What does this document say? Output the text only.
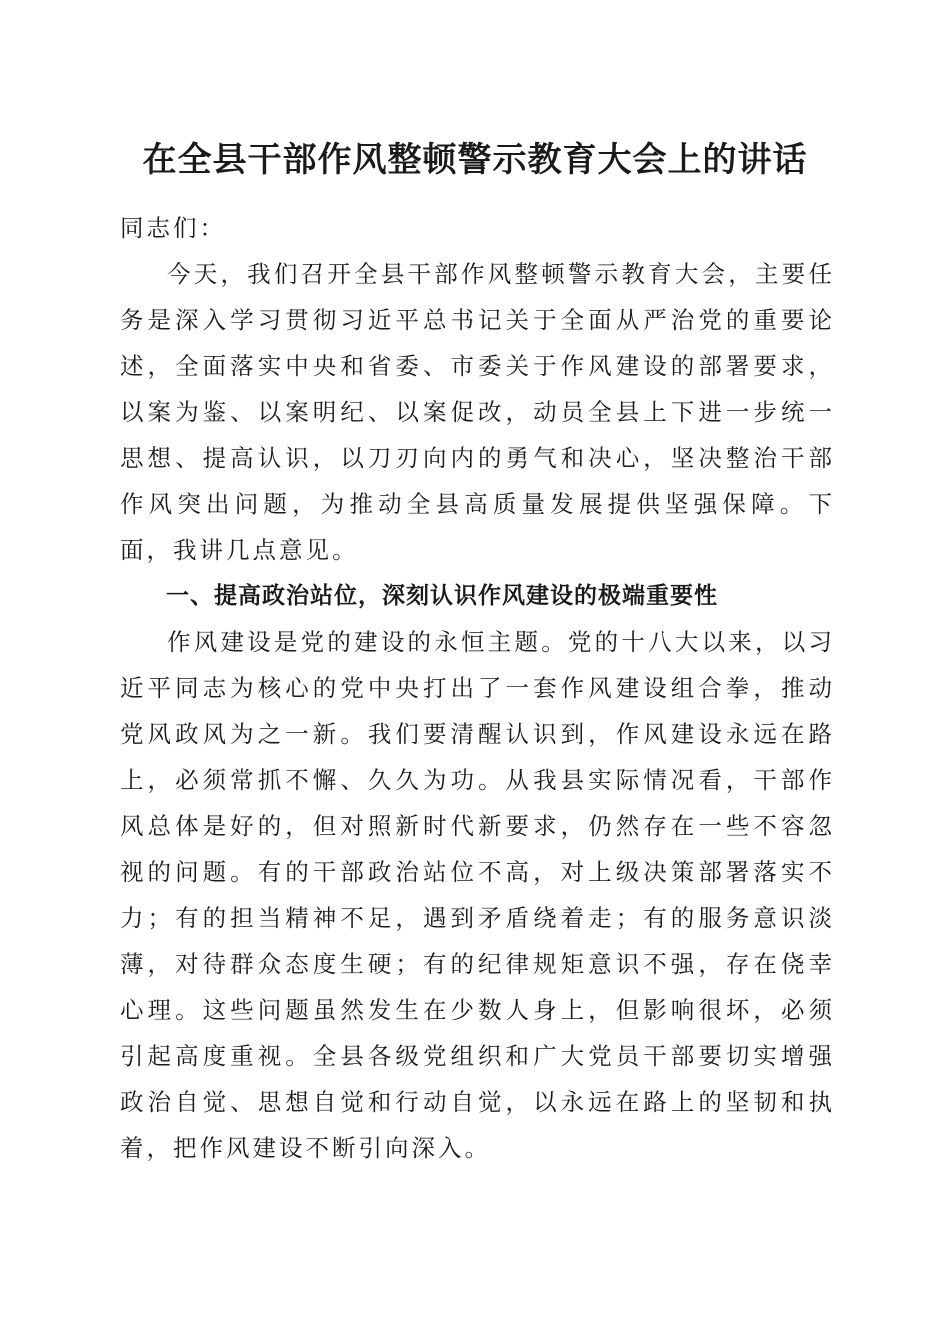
在全县干部作风整顿警示教育大会上的讲话

同志们：

今天，我们召开全县干部作风整顿警示教育大会，主要任务是深入学习贯彻习近平总书记关于全面从严治党的重要论述，全面落实中央和省委、市委关于作风建设的部署要求，以案为鉴、以案明纪、以案促改，动员全县上下进一步统一思想、提高认识，以刀刃向内的勇气和决心，坚决整治干部作风突出问题，为推动全县高质量发展提供坚强保障。下面，我讲几点意见。

一、提高政治站位，深刻认识作风建设的极端重要性

作风建设是党的建设的永恒主题。党的十八大以来，以习近平同志为核心的党中央打出了一套作风建设组合拳，推动党风政风为之一新。我们要清醒认识到，作风建设永远在路上，必须常抓不懈、久久为功。从我县实际情况看，干部作风总体是好的，但对照新时代新要求，仍然存在一些不容忽视的问题。有的干部政治站位不高，对上级决策部署落实不力；有的担当精神不足，遇到矛盾绕着走；有的服务意识淡薄，对待群众态度生硬；有的纪律规矩意识不强，存在侥幸心理。这些问题虽然发生在少数人身上，但影响很坏，必须引起高度重视。全县各级党组织和广大党员干部要切实增强政治自觉、思想自觉和行动自觉，以永远在路上的坚韧和执着，把作风建设不断引向深入。
